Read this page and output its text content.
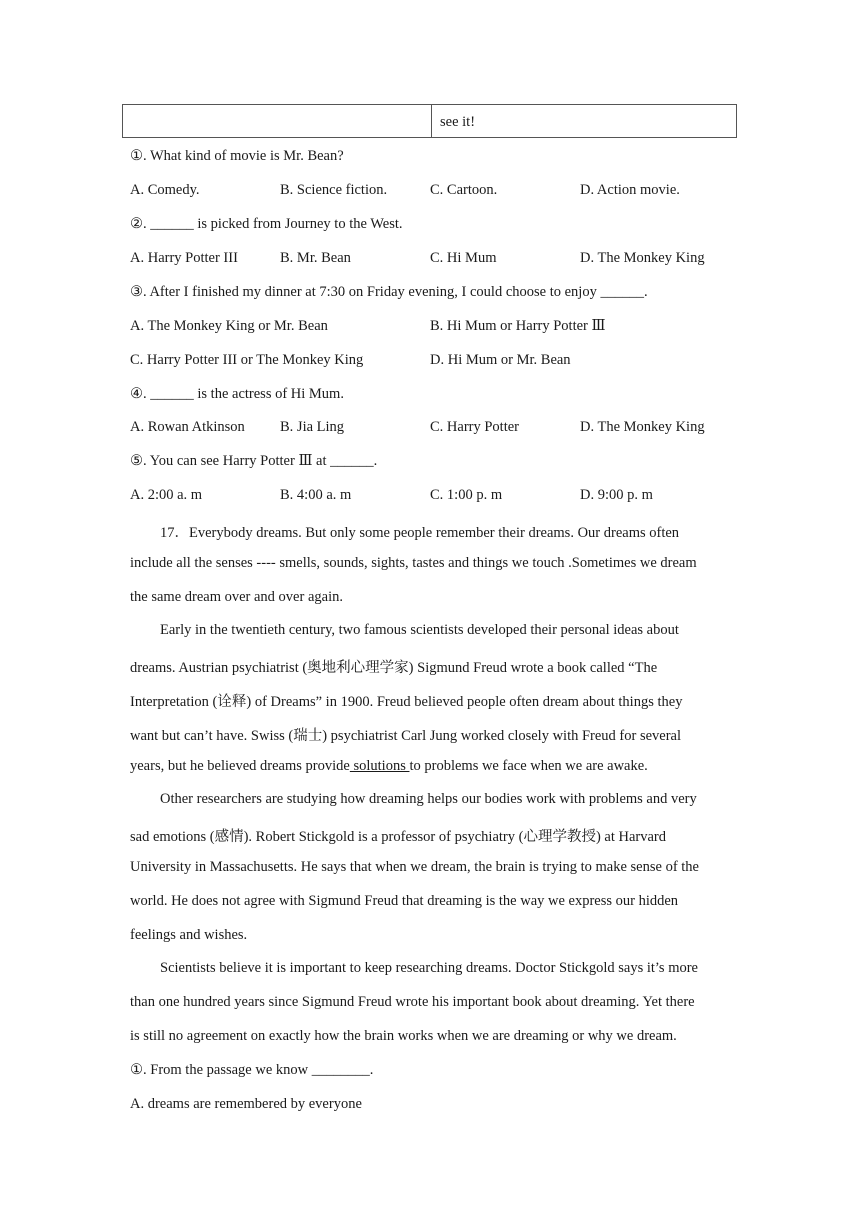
see it!
①. What kind of movie is Mr. Bean?
A. Comedy.	B. Science fiction.	C. Cartoon.	D. Action movie.
②. ______ is picked from Journey to the West.
A. Harry Potter III	B. Mr. Bean	C. Hi Mum	D. The Monkey King
③. After I finished my dinner at 7:30 on Friday evening, I could choose to enjoy ______.
A. The Monkey King or Mr. Bean	B. Hi Mum or Harry Potter Ⅲ
C. Harry Potter III or The Monkey King	D. Hi Mum or Mr. Bean
④. ______ is the actress of Hi Mum.
A. Rowan Atkinson	B. Jia Ling	C. Harry Potter	D. The Monkey King
⑤. You can see Harry Potter Ⅲ at ______.
A. 2:00 a. m	B. 4:00 a. m	C. 1:00 p. m	D. 9:00 p. m
17．Everybody dreams. But only some people remember their dreams. Our dreams often
include all the senses ---- smells, sounds, sights, tastes and things we touch .Sometimes we dream
the same dream over and over again.
Early in the twentieth century, two famous scientists developed their personal ideas about
dreams. Austrian psychiatrist (奥地利心理学家) Sigmund Freud wrote a book called “The
Interpretation (诠释) of Dreams” in 1900. Freud believed people often dream about things they
want but can’t have. Swiss (瑞士) psychiatrist Carl Jung worked closely with Freud for several
years, but he believed dreams provide solutions to problems we face when we are awake.
Other researchers are studying how dreaming helps our bodies work with problems and very
sad emotions (感情). Robert Stickgold is a professor of psychiatry (心理学教授) at Harvard
University in Massachusetts. He says that when we dream, the brain is trying to make sense of the
world. He does not agree with Sigmund Freud that dreaming is the way we express our hidden
feelings and wishes.
Scientists believe it is important to keep researching dreams. Doctor Stickgold says it’s more
than one hundred years since Sigmund Freud wrote his important book about dreaming. Yet there
is still no agreement on exactly how the brain works when we are dreaming or why we dream.
①. From the passage we know ________.
A. dreams are remembered by everyone
